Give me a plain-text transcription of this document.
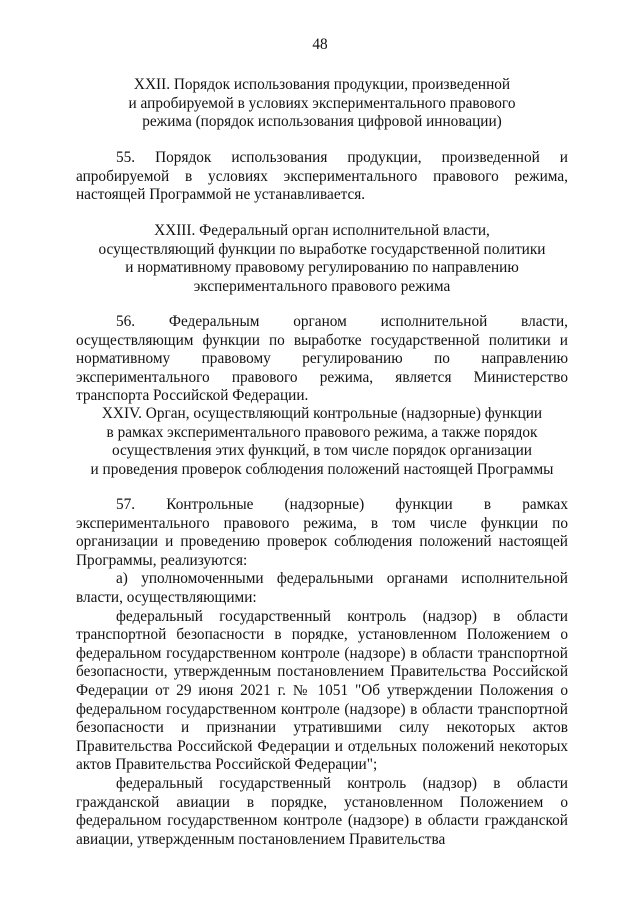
48
XXII. Порядок использования продукции, произведенной
и апробируемой в условиях экспериментального правового
режима (порядок использования цифровой инновации)

55. Порядок использования продукции, произведенной и апробируемой в условиях экспериментального правового режима, настоящей Программой не устанавливается.

XXIII. Федеральный орган исполнительной власти,
осуществляющий функции по выработке государственной политики
и нормативному правовому регулированию по направлению
экспериментального правового режима

56. Федеральным органом исполнительной власти, осуществляющим функции по выработке государственной политики и нормативному правовому регулированию по направлению экспериментального правового режима, является Министерство транспорта Российской Федерации.

XXIV. Орган, осуществляющий контрольные (надзорные) функции
в рамках экспериментального правового режима, а также порядок
осуществления этих функций, в том числе порядок организации
и проведения проверок соблюдения положений настоящей Программы

57. Контрольные (надзорные) функции в рамках экспериментального правового режима, в том числе функции по организации и проведению проверок соблюдения положений настоящей Программы, реализуются:

а) уполномоченными федеральными органами исполнительной власти, осуществляющими:

федеральный государственный контроль (надзор) в области транспортной безопасности в порядке, установленном Положением о федеральном государственном контроле (надзоре) в области транспортной безопасности, утвержденным постановлением Правительства Российской Федерации от 29 июня 2021 г. № 1051 "Об утверждении Положения о федеральном государственном контроле (надзоре) в области транспортной безопасности и признании утратившими силу некоторых актов Правительства Российской Федерации и отдельных положений некоторых актов Правительства Российской Федерации";

федеральный государственный контроль (надзор) в области гражданской авиации в порядке, установленном Положением о федеральном государственном контроле (надзоре) в области гражданской авиации, утвержденным постановлением Правительства
